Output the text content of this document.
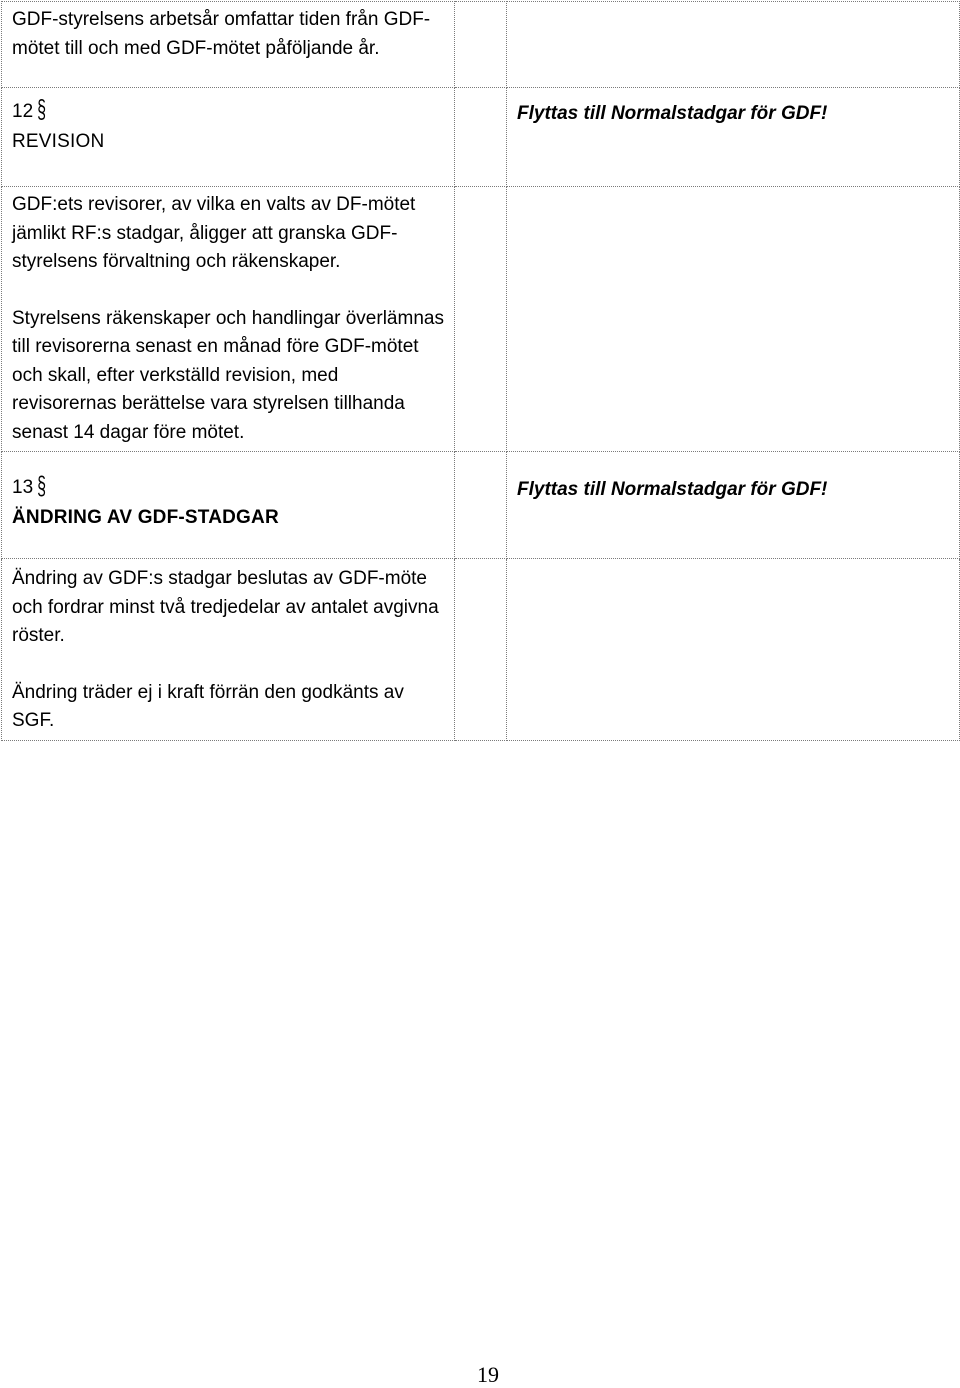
GDF-styrelsens arbetsår omfattar tiden från GDF-mötet till och med GDF-mötet påföljande år.		

12 §
REVISION		Flyttas till Normalstadgar för GDF!

GDF:ets revisorer, av vilka en valts av DF-mötet jämlikt RF:s stadgar, åligger att granska GDF-styrelsens förvaltning och räkenskaper.

Styrelsens räkenskaper och handlingar överlämnas till revisorerna senast en månad före GDF-mötet och skall, efter verkställd revision, med revisorernas berättelse vara styrelsen tillhanda senast 14 dagar före mötet.		

13 §
ÄNDRING AV GDF-STADGAR		Flyttas till Normalstadgar för GDF!

Ändring av GDF:s stadgar beslutas av GDF-möte och fordrar minst två tredjedelar av antalet avgivna röster.

Ändring träder ej i kraft förrän den godkänts av SGF.		

19
